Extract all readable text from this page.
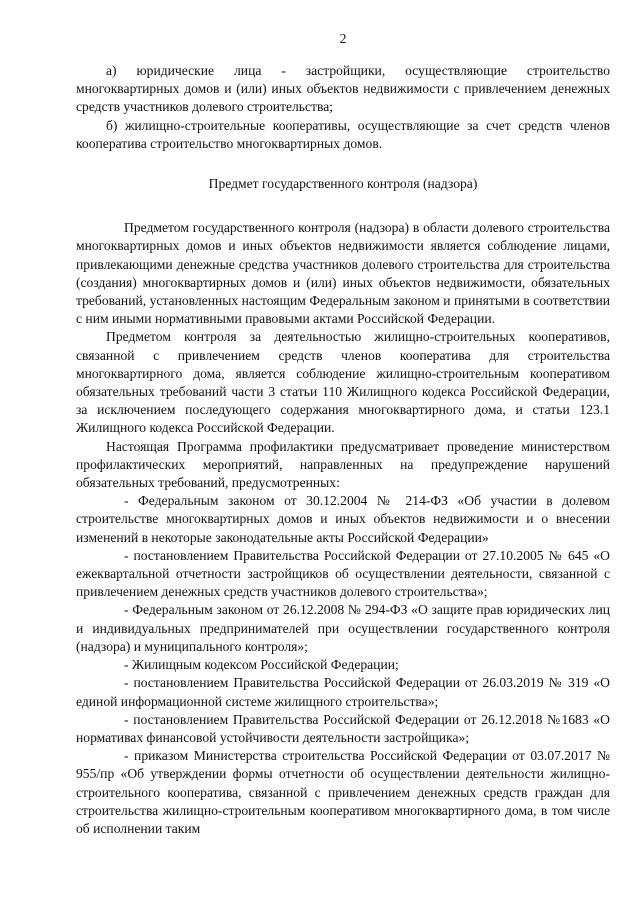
2

а) юридические лица - застройщики, осуществляющие строительство многоквартирных домов и (или) иных объектов недвижимости с привлечением денежных средств участников долевого строительства;

б) жилищно-строительные кооперативы, осуществляющие за счет средств членов кооператива строительство многоквартирных домов.

Предмет государственного контроля (надзора)

Предметом государственного контроля (надзора) в области долевого строительства многоквартирных домов и иных объектов недвижимости является соблюдение лицами, привлекающими денежные средства участников долевого строительства для строительства (создания) многоквартирных домов и (или) иных объектов недвижимости, обязательных требований, установленных настоящим Федеральным законом и принятыми в соответствии с ним иными нормативными правовыми актами Российской Федерации.

Предметом контроля за деятельностью жилищно-строительных кооперативов, связанной с привлечением средств членов кооператива для строительства многоквартирного дома, является соблюдение жилищно-строительным кооперативом обязательных требований части 3 статьи 110 Жилищного кодекса Российской Федерации, за исключением последующего содержания многоквартирного дома, и статьи 123.1 Жилищного кодекса Российской Федерации.

Настоящая Программа профилактики предусматривает проведение министерством профилактических мероприятий, направленных на предупреждение нарушений обязательных требований, предусмотренных:

- Федеральным законом от 30.12.2004 № 214-ФЗ «Об участии в долевом строительстве многоквартирных домов и иных объектов недвижимости и о внесении изменений в некоторые законодательные акты Российской Федерации»

- постановлением Правительства Российской Федерации от 27.10.2005 № 645 «О ежеквартальной отчетности застройщиков об осуществлении деятельности, связанной с привлечением денежных средств участников долевого строительства»;

- Федеральным законом от 26.12.2008 № 294-ФЗ «О защите прав юридических лиц и индивидуальных предпринимателей при осуществлении государственного контроля (надзора) и муниципального контроля»;

- Жилищным кодексом Российской Федерации;

- постановлением Правительства Российской Федерации от 26.03.2019 № 319 «О единой информационной системе жилищного строительства»;

- постановлением Правительства Российской Федерации от 26.12.2018 №1683 «О нормативах финансовой устойчивости деятельности застройщика»;

- приказом Министерства строительства Российской Федерации от 03.07.2017 № 955/пр «Об утверждении формы отчетности об осуществлении деятельности жилищно-строительного кооператива, связанной с привлечением денежных средств граждан для строительства жилищно-строительным кооперативом многоквартирного дома, в том числе об исполнении таким
